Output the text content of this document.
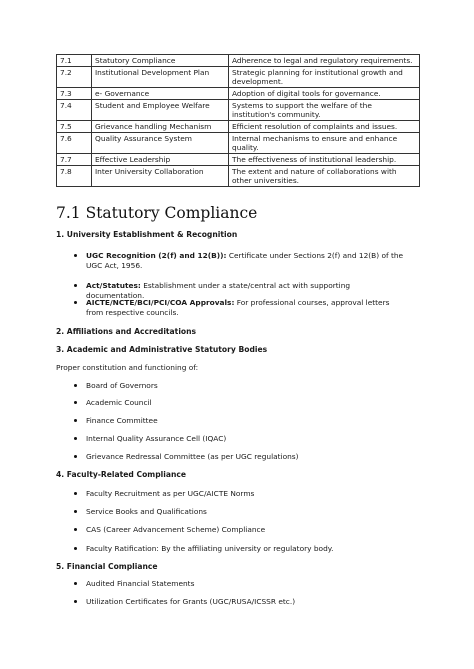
7.1	Statutory Compliance	Adherence to legal and regulatory requirements.
7.2	Institutional Development Plan	Strategic planning for institutional growth and development.
7.3	e- Governance	Adoption of digital tools for governance.
7.4	Student and Employee Welfare	Systems to support the welfare of the institution's community.
7.5	Grievance handling Mechanism	Efficient resolution of complaints and issues.
7.6	Quality Assurance System	Internal mechanisms to ensure and enhance quality.
7.7	Effective Leadership	The effectiveness of institutional leadership.
7.8	Inter University Collaboration	The extent and nature of collaborations with other universities.
7.1 Statutory Compliance
1. University Establishment & Recognition
UGC Recognition (2(f) and 12(B)): Certificate under Sections 2(f) and 12(B) of the UGC Act, 1956.
Act/Statutes: Establishment under a state/central act with supporting documentation.
AICTE/NCTE/BCI/PCI/COA Approvals: For professional courses, approval letters from respective councils.
2. Affiliations and Accreditations
3. Academic and Administrative Statutory Bodies
Proper constitution and functioning of:
Board of Governors
Academic Council
Finance Committee
Internal Quality Assurance Cell (IQAC)
Grievance Redressal Committee (as per UGC regulations)
4. Faculty-Related Compliance
Faculty Recruitment as per UGC/AICTE Norms
Service Books and Qualifications
CAS (Career Advancement Scheme) Compliance
Faculty Ratification: By the affiliating university or regulatory body.
5. Financial Compliance
Audited Financial Statements
Utilization Certificates for Grants (UGC/RUSA/ICSSR etc.)
